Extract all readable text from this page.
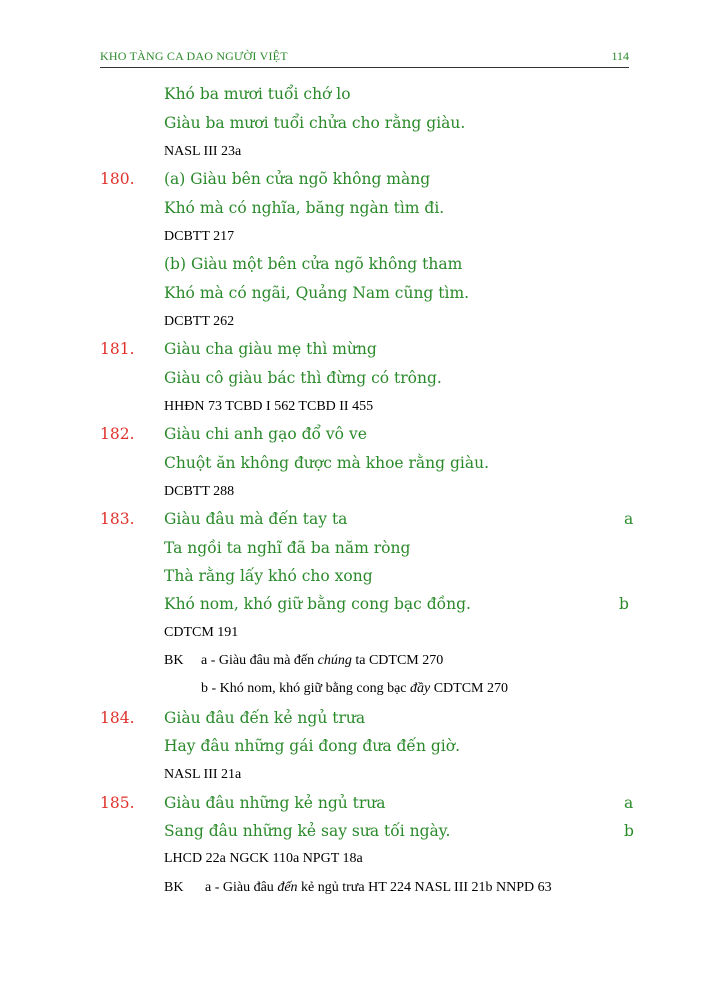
KHO TÀNG CA DAO NGƯỜI VIỆT	114
Khó ba mươi tuổi chớ lo
Giàu ba mươi tuổi chửa cho rằng giàu.
NASL III 23a
180. (a) Giàu bên cửa ngõ không màng
Khó mà có nghĩa, băng ngàn tìm đi.
DCBTT 217
(b) Giàu một bên cửa ngõ không tham
Khó mà có ngãi, Quảng Nam cũng tìm.
DCBTT 262
181. Giàu cha giàu mẹ thì mừng
Giàu cô giàu bác thì đừng có trông.
HHĐN 73 TCBD I 562 TCBD II 455
182. Giàu chi anh gạo đổ vô ve
Chuột ăn không được mà khoe rằng giàu.
DCBTT 288
183. Giàu đâu mà đến tay ta	a
Ta ngồi ta nghĩ đã ba năm ròng
Thà rằng lấy khó cho xong
Khó nom, khó giữ bằng cong bạc đồng.	b
CDTCM 191
BK a - Giàu đâu mà đến chúng ta CDTCM 270
b - Khó nom, khó giữ bằng cong bạc đầy CDTCM 270
184. Giàu đâu đến kẻ ngủ trưa
Hay đâu những gái đong đưa đến giờ.
NASL III 21a
185. Giàu đâu những kẻ ngủ trưa	a
Sang đâu những kẻ say sưa tối ngày.	b
LHCD 22a NGCK 110a NPGT 18a
BK a - Giàu đâu đến kẻ ngủ trưa HT 224 NASL III 21b NNPD 63
